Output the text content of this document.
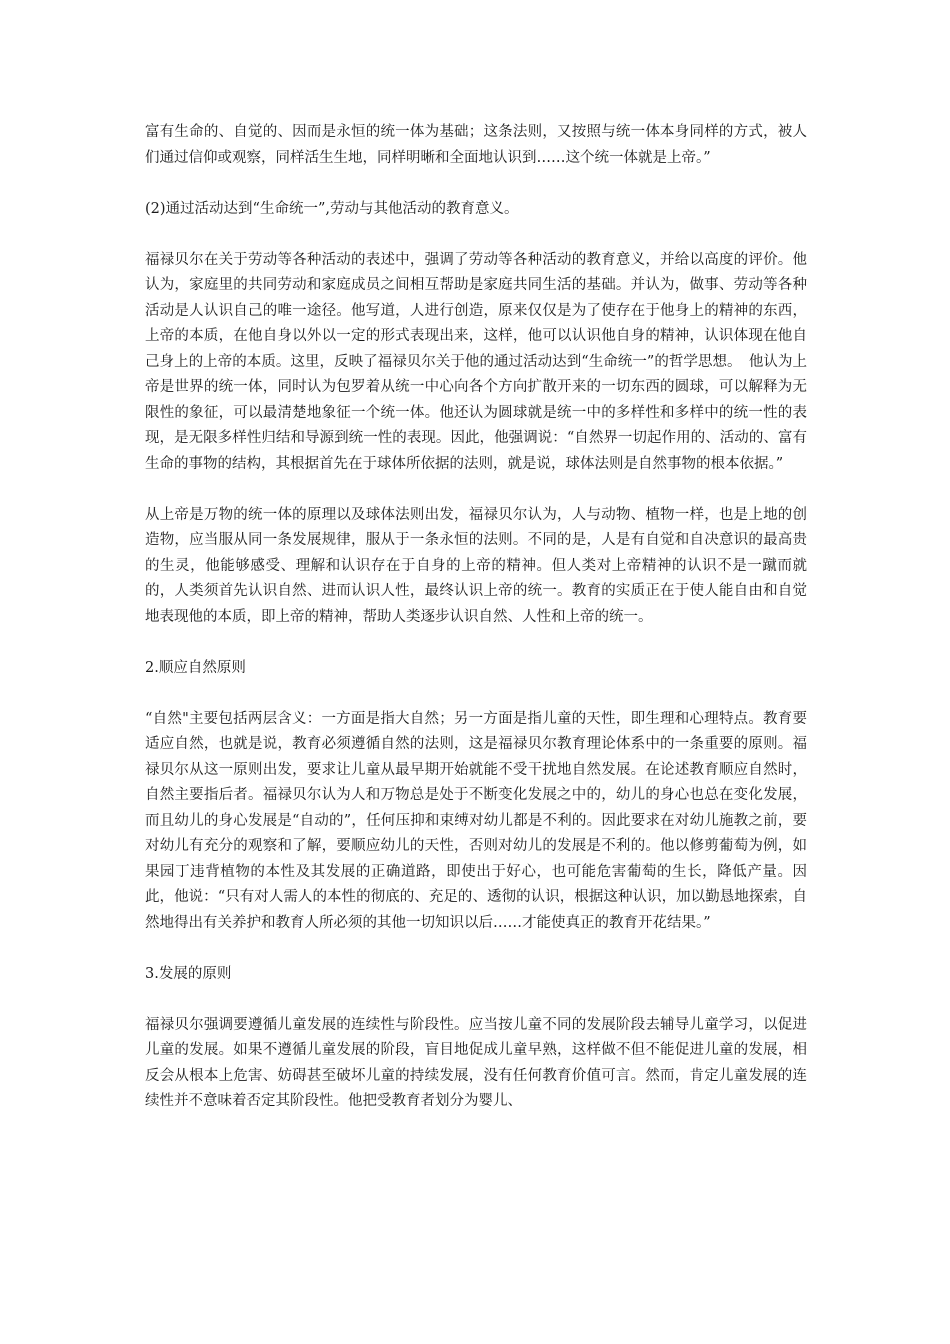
富有生命的、自觉的、因而是永恒的统一体为基础；这条法则，又按照与统一体本身同样的方式，被人们通过信仰或观察，同样活生生地，同样明晰和全面地认识到……这个统一体就是上帝。”

(2)通过活动达到“生命统一”,劳动与其他活动的教育意义。

福禄贝尔在关于劳动等各种活动的表述中，强调了劳动等各种活动的教育意义，并给以高度的评价。他认为，家庭里的共同劳动和家庭成员之间相互帮助是家庭共同生活的基础。并认为，做事、劳动等各种活动是人认识自己的唯一途径。他写道，人进行创造，原来仅仅是为了使存在于他身上的精神的东西，上帝的本质，在他自身以外以一定的形式表现出来，这样，他可以认识他自身的精神，认识体现在他自己身上的上帝的本质。这里，反映了福禄贝尔关于他的通过活动达到“生命统一”的哲学思想。　他认为上帝是世界的统一体，同时认为包罗着从统一中心向各个方向扩散开来的一切东西的圆球，可以解释为无限性的象征，可以最清楚地象征一个统一体。他还认为圆球就是统一中的多样性和多样中的统一性的表现，是无限多样性归结和导源到统一性的表现。因此，他强调说：“自然界一切起作用的、活动的、富有生命的事物的结构，其根据首先在于球体所依据的法则，就是说，球体法则是自然事物的根本依据。”

从上帝是万物的统一体的原理以及球体法则出发，福禄贝尔认为，人与动物、植物一样，也是上地的创造物，应当服从同一条发展规律，服从于一条永恒的法则。不同的是，人是有自觉和自决意识的最高贵的生灵，他能够感受、理解和认识存在于自身的上帝的精神。但人类对上帝精神的认识不是一蹴而就的，人类须首先认识自然、进而认识人性，最终认识上帝的统一。教育的实质正在于使人能自由和自觉地表现他的本质，即上帝的精神，帮助人类逐步认识自然、人性和上帝的统一。

2.顺应自然原则

“自然"主要包括两层含义：一方面是指大自然；另一方面是指儿童的天性，即生理和心理特点。教育要适应自然，也就是说，教育必须遵循自然的法则，这是福禄贝尔教育理论体系中的一条重要的原则。福禄贝尔从这一原则出发，要求让儿童从最早期开始就能不受干扰地自然发展。在论述教育顺应自然时，自然主要指后者。福禄贝尔认为人和万物总是处于不断变化发展之中的，幼儿的身心也总在变化发展，而且幼儿的身心发展是“自动的”，任何压抑和束缚对幼儿都是不利的。因此要求在对幼儿施教之前，要对幼儿有充分的观察和了解，要顺应幼儿的天性，否则对幼儿的发展是不利的。他以修剪葡萄为例，如果园丁违背植物的本性及其发展的正确道路，即使出于好心，也可能危害葡萄的生长，降低产量。因此，他说：“只有对人需人的本性的彻底的、充足的、透彻的认识，根据这种认识，加以勤恳地探索，自然地得出有关养护和教育人所必须的其他一切知识以后……才能使真正的教育开花结果。”

3.发展的原则

福禄贝尔强调要遵循儿童发展的连续性与阶段性。应当按儿童不同的发展阶段去辅导儿童学习，以促进儿童的发展。如果不遵循儿童发展的阶段，盲目地促成儿童早熟，这样做不但不能促进儿童的发展，相反会从根本上危害、妨碍甚至破坏儿童的持续发展，没有任何教育价值可言。然而，肯定儿童发展的连续性并不意味着否定其阶段性。他把受教育者划分为婴儿、
